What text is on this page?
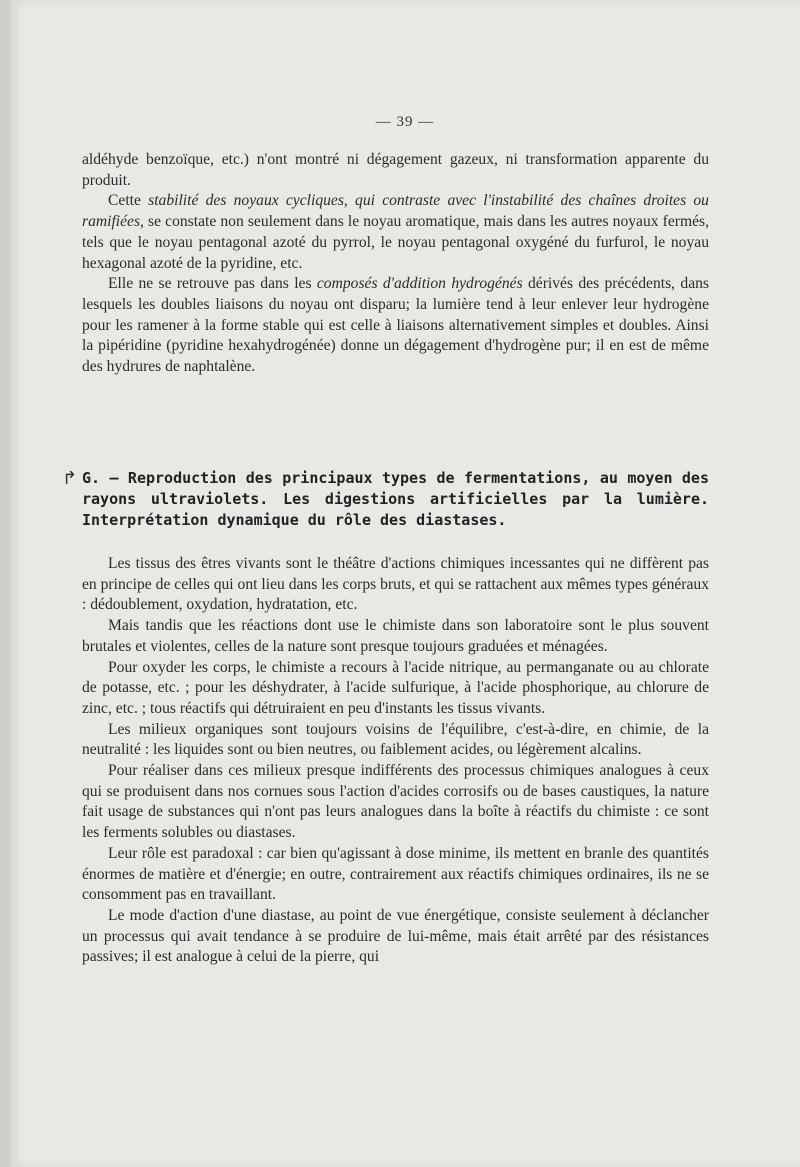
— 39 —

aldéhyde benzoïque, etc.) n'ont montré ni dégagement gazeux, ni transformation apparente du produit.

Cette stabilité des noyaux cycliques, qui contraste avec l'instabilité des chaînes droites ou ramifiées, se constate non seulement dans le noyau aromatique, mais dans les autres noyaux fermés, tels que le noyau pentagonal azoté du pyrrol, le noyau pentagonal oxygéné du furfurol, le noyau hexagonal azoté de la pyridine, etc.

Elle ne se retrouve pas dans les composés d'addition hydrogénés dérivés des précédents, dans lesquels les doubles liaisons du noyau ont disparu; la lumière tend à leur enlever leur hydrogène pour les ramener à la forme stable qui est celle à liaisons alternativement simples et doubles. Ainsi la pipéridine (pyridine hexahydrogénée) donne un dégagement d'hydrogène pur; il en est de même des hydrures de naphtalène.

↱ G. — Reproduction des principaux types de fermentations, au moyen des rayons ultraviolets. Les digestions artificielles par la lumière. Interprétation dynamique du rôle des diastases.

Les tissus des êtres vivants sont le théâtre d'actions chimiques incessantes qui ne diffèrent pas en principe de celles qui ont lieu dans les corps bruts, et qui se rattachent aux mêmes types généraux : dédoublement, oxydation, hydratation, etc.

Mais tandis que les réactions dont use le chimiste dans son laboratoire sont le plus souvent brutales et violentes, celles de la nature sont presque toujours graduées et ménagées.

Pour oxyder les corps, le chimiste a recours à l'acide nitrique, au permanganate ou au chlorate de potasse, etc. ; pour les déshydrater, à l'acide sulfurique, à l'acide phosphorique, au chlorure de zinc, etc. ; tous réactifs qui détruiraient en peu d'instants les tissus vivants.

Les milieux organiques sont toujours voisins de l'équilibre, c'est-à-dire, en chimie, de la neutralité : les liquides sont ou bien neutres, ou faiblement acides, ou légèrement alcalins.

Pour réaliser dans ces milieux presque indifférents des processus chimiques analogues à ceux qui se produisent dans nos cornues sous l'action d'acides corrosifs ou de bases caustiques, la nature fait usage de substances qui n'ont pas leurs analogues dans la boîte à réactifs du chimiste : ce sont les ferments solubles ou diastases.

Leur rôle est paradoxal : car bien qu'agissant à dose minime, ils mettent en branle des quantités énormes de matière et d'énergie; en outre, contrairement aux réactifs chimiques ordinaires, ils ne se consomment pas en travaillant.

Le mode d'action d'une diastase, au point de vue énergétique, consiste seulement à déclancher un processus qui avait tendance à se produire de lui-même, mais était arrêté par des résistances passives; il est analogue à celui de la pierre, qui
